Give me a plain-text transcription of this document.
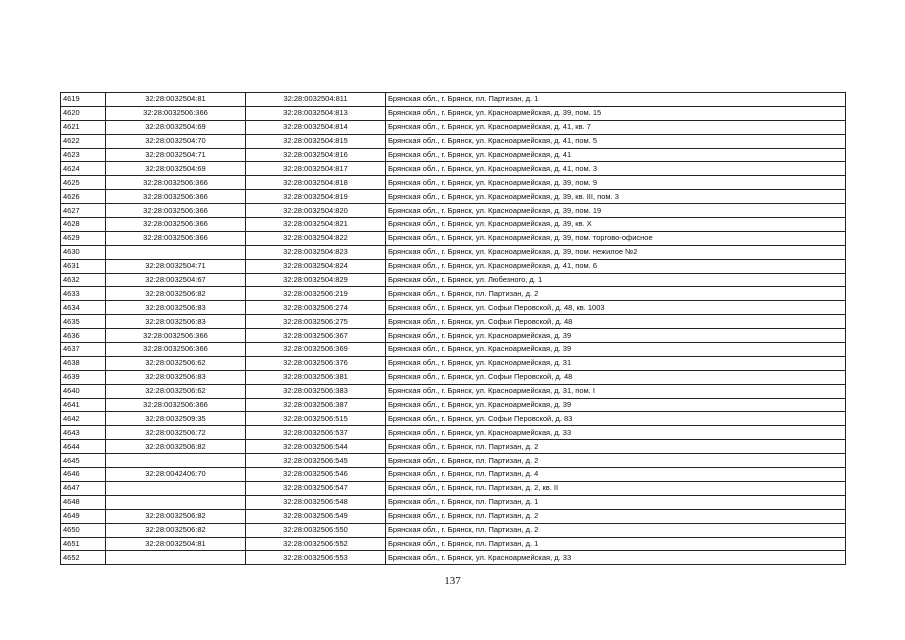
4619	32:28:0032504:81	32:28:0032504:811	Брянская обл., г. Брянск, пл. Партизан, д. 1
4620	32:28:0032506:366	32:28:0032504:813	Брянская обл., г. Брянск, ул. Красноармейская, д. 39, пом. 15
4621	32:28:0032504:69	32:28:0032504:814	Брянская обл., г. Брянск, ул. Красноармейская, д. 41, кв. 7
4622	32:28:0032504:70	32:28:0032504:815	Брянская обл., г. Брянск, ул. Красноармейская, д. 41, пом. 5
4623	32:28:0032504:71	32:28:0032504:816	Брянская обл., г. Брянск, ул. Красноармейская, д. 41
4624	32:28:0032504:69	32:28:0032504:817	Брянская обл., г. Брянск, ул. Красноармейская, д. 41, пом. 3
4625	32:28:0032506:366	32:28:0032504:818	Брянская обл., г. Брянск, ул. Красноармейская, д. 39, пом. 9
4626	32:28:0032506:366	32:28:0032504:819	Брянская обл., г. Брянск, ул. Красноармейская, д. 39, кв. III, пом. 3
4627	32:28:0032506:366	32:28:0032504:820	Брянская обл., г. Брянск, ул. Красноармейская, д. 39, пом. 19
4628	32:28:0032506:366	32:28:0032504:821	Брянская обл., г. Брянск, ул. Красноармейская, д. 39, кв. X
4629	32:28:0032506:366	32:28:0032504:822	Брянская обл., г. Брянск, ул. Красноармейская, д. 39, пом. торгово-офисное
4630		32:28:0032504:823	Брянская обл., г. Брянск, ул. Красноармейская, д. 39, пом. нежилое №2
4631	32:28:0032504:71	32:28:0032504:824	Брянская обл., г. Брянск, ул. Красноармейская, д. 41, пом. 6
4632	32:28:0032504:67	32:28:0032504:829	Брянская обл., г. Брянск, ул. Любезного, д. 1
4633	32:28:0032506:82	32:28:0032506:219	Брянская обл., г. Брянск, пл. Партизан, д. 2
4634	32:28:0032506:83	32:28:0032506:274	Брянская обл., г. Брянск, ул. Софьи Перовской, д. 48, кв. 1003
4635	32:28:0032506:83	32:28:0032506:275	Брянская обл., г. Брянск, ул. Софьи Перовской, д. 48
4636	32:28:0032506:366	32:28:0032506:367	Брянская обл., г. Брянск, ул. Красноармейская, д. 39
4637	32:28:0032506:366	32:28:0032506:369	Брянская обл., г. Брянск, ул. Красноармейская, д. 39
4638	32:28:0032506:62	32:28:0032506:376	Брянская обл., г. Брянск, ул. Красноармейская, д. 31
4639	32:28:0032506:83	32:28:0032506:381	Брянская обл., г. Брянск, ул. Софьи Перовской, д. 48
4640	32:28:0032506:62	32:28:0032506:383	Брянская обл., г. Брянск, ул. Красноармейская, д. 31, пом. I
4641	32:28:0032506:366	32:28:0032506:387	Брянская обл., г. Брянск, ул. Красноармейская, д. 39
4642	32:28:0032509:35	32:28:0032506:515	Брянская обл., г. Брянск, ул. Софьи Перовской, д. 83
4643	32:28:0032506:72	32:28:0032506:537	Брянская обл., г. Брянск, ул. Красноармейская, д. 33
4644	32:28:0032506:82	32:28:0032506:544	Брянская обл., г. Брянск, пл. Партизан, д. 2
4645		32:28:0032506:545	Брянская обл., г. Брянск, пл. Партизан, д. 2
4646	32:28:0042406:70	32:28:0032506:546	Брянская обл., г. Брянск, пл. Партизан, д. 4
4647		32:28:0032506:547	Брянская обл., г. Брянск, пл. Партизан, д. 2, кв. II
4648		32:28:0032506:548	Брянская обл., г. Брянск, пл. Партизан, д. 1
4649	32:28:0032506:82	32:28:0032506:549	Брянская обл., г. Брянск, пл. Партизан, д. 2
4650	32:28:0032506:82	32:28:0032506:550	Брянская обл., г. Брянск, пл. Партизан, д. 2
4651	32:28:0032504:81	32:28:0032506:552	Брянская обл., г. Брянск, пл. Партизан, д. 1
4652		32:28:0032506:553	Брянская обл., г. Брянск, ул. Красноармейская, д. 33
137
